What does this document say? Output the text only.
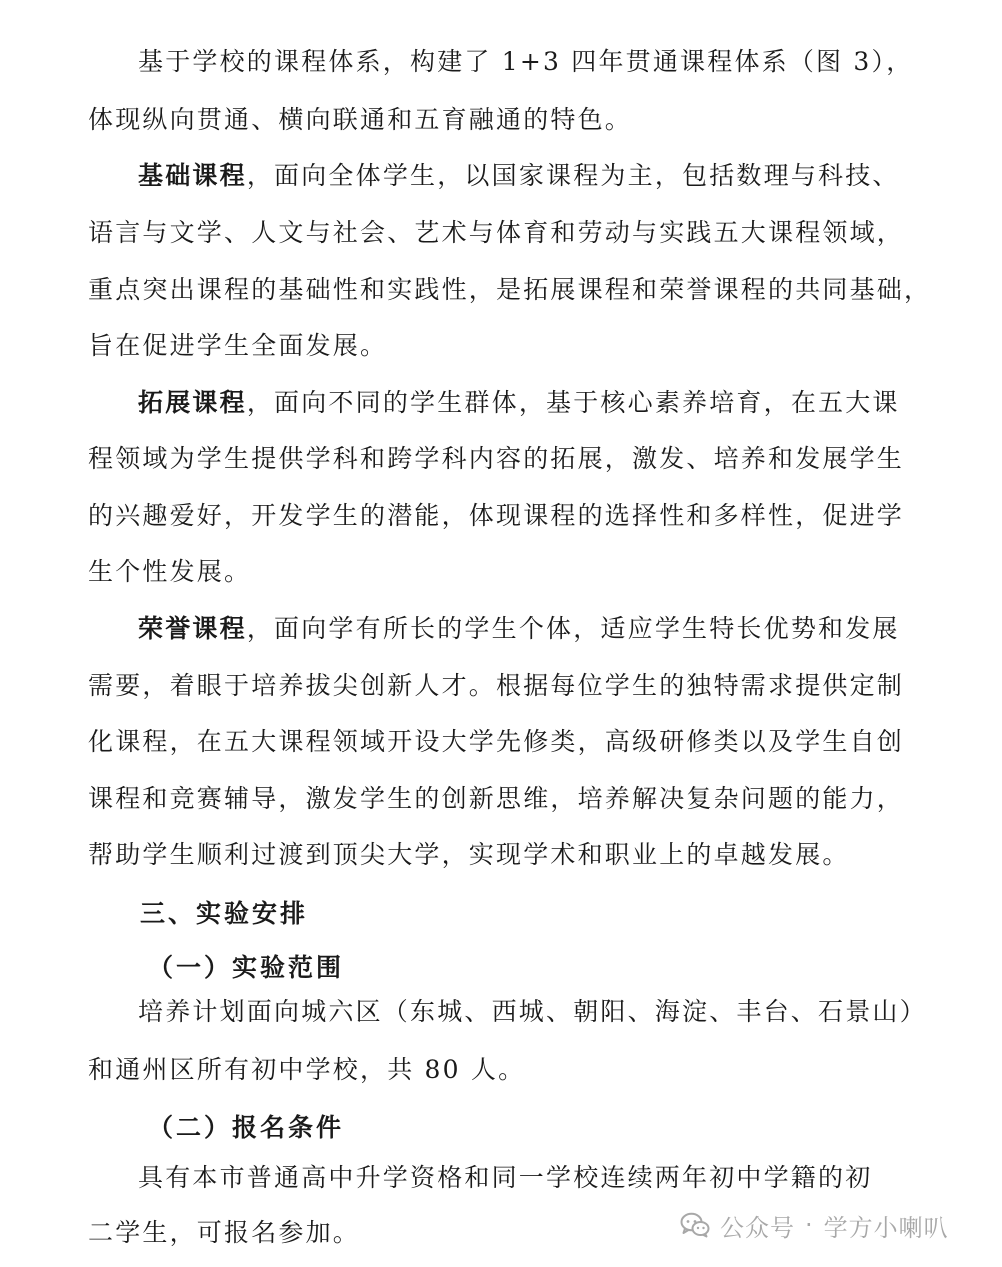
基于学校的课程体系，构建了 1+3 四年贯通课程体系（图 3），
体现纵向贯通、横向联通和五育融通的特色。
基础课程，面向全体学生，以国家课程为主，包括数理与科技、
语言与文学、人文与社会、艺术与体育和劳动与实践五大课程领域，
重点突出课程的基础性和实践性，是拓展课程和荣誉课程的共同基础，
旨在促进学生全面发展。
拓展课程，面向不同的学生群体，基于核心素养培育，在五大课
程领域为学生提供学科和跨学科内容的拓展，激发、培养和发展学生
的兴趣爱好，开发学生的潜能，体现课程的选择性和多样性，促进学
生个性发展。
荣誉课程，面向学有所长的学生个体，适应学生特长优势和发展
需要，着眼于培养拔尖创新人才。根据每位学生的独特需求提供定制
化课程，在五大课程领域开设大学先修类，高级研修类以及学生自创
课程和竞赛辅导，激发学生的创新思维，培养解决复杂问题的能力，
帮助学生顺利过渡到顶尖大学，实现学术和职业上的卓越发展。
三、实验安排
（一）实验范围
培养计划面向城六区（东城、西城、朝阳、海淀、丰台、石景山）
和通州区所有初中学校，共 80 人。
（二）报名条件
具有本市普通高中升学资格和同一学校连续两年初中学籍的初
二学生，可报名参加。	公众号 · 学方小喇叭
